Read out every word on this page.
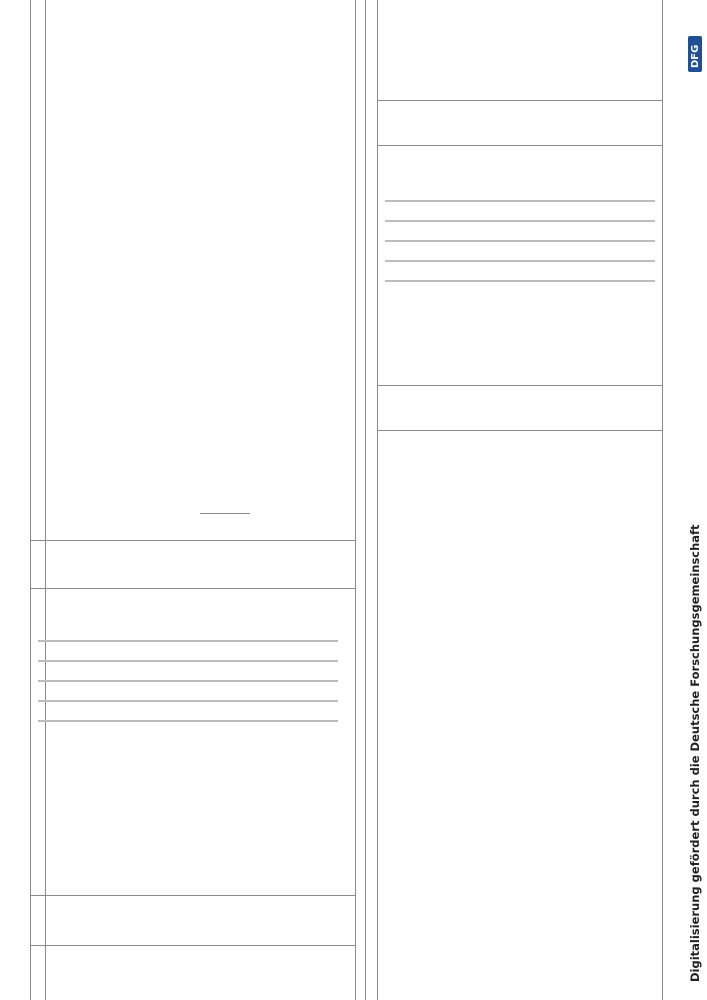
Digitalisierung gefördert durch die Deutsche Forschungsgemeinschaft
DFG
